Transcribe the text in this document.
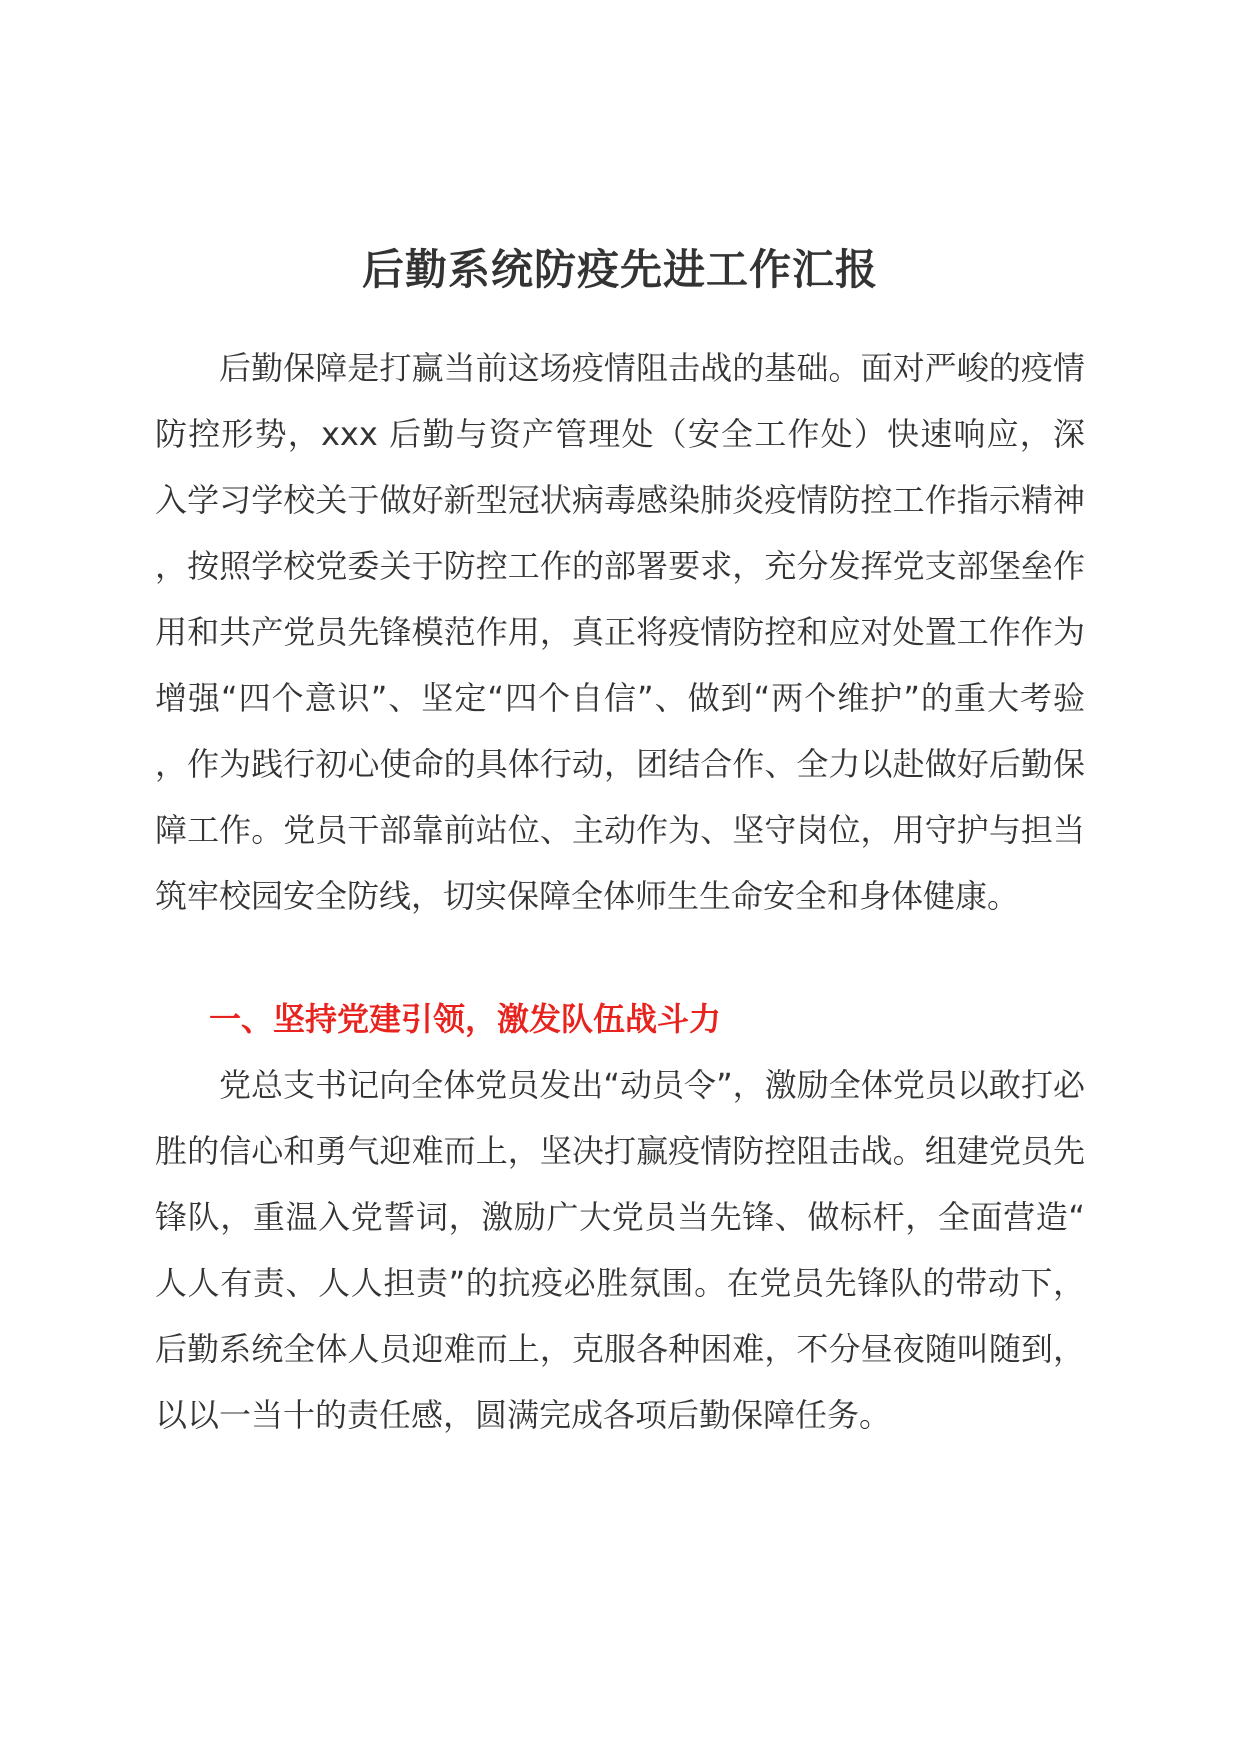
后勤系统防疫先进工作汇报

后勤保障是打赢当前这场疫情阻击战的基础。面对严峻的疫情防控形势，xxx 后勤与资产管理处（安全工作处）快速响应，深入学习学校关于做好新型冠状病毒感染肺炎疫情防控工作指示精神，按照学校党委关于防控工作的部署要求，充分发挥党支部堡垒作用和共产党员先锋模范作用，真正将疫情防控和应对处置工作作为增强“四个意识”、坚定“四个自信”、做到“两个维护”的重大考验，作为践行初心使命的具体行动，团结合作、全力以赴做好后勤保障工作。党员干部靠前站位、主动作为、坚守岗位，用守护与担当筑牢校园安全防线，切实保障全体师生生命安全和身体健康。

一、坚持党建引领，激发队伍战斗力

党总支书记向全体党员发出“动员令”，激励全体党员以敢打必胜的信心和勇气迎难而上，坚决打赢疫情防控阻击战。组建党员先锋队，重温入党誓词，激励广大党员当先锋、做标杆，全面营造“人人有责、人人担责”的抗疫必胜氛围。在党员先锋队的带动下，后勤系统全体人员迎难而上，克服各种困难，不分昼夜随叫随到，以以一当十的责任感，圆满完成各项后勤保障任务。
